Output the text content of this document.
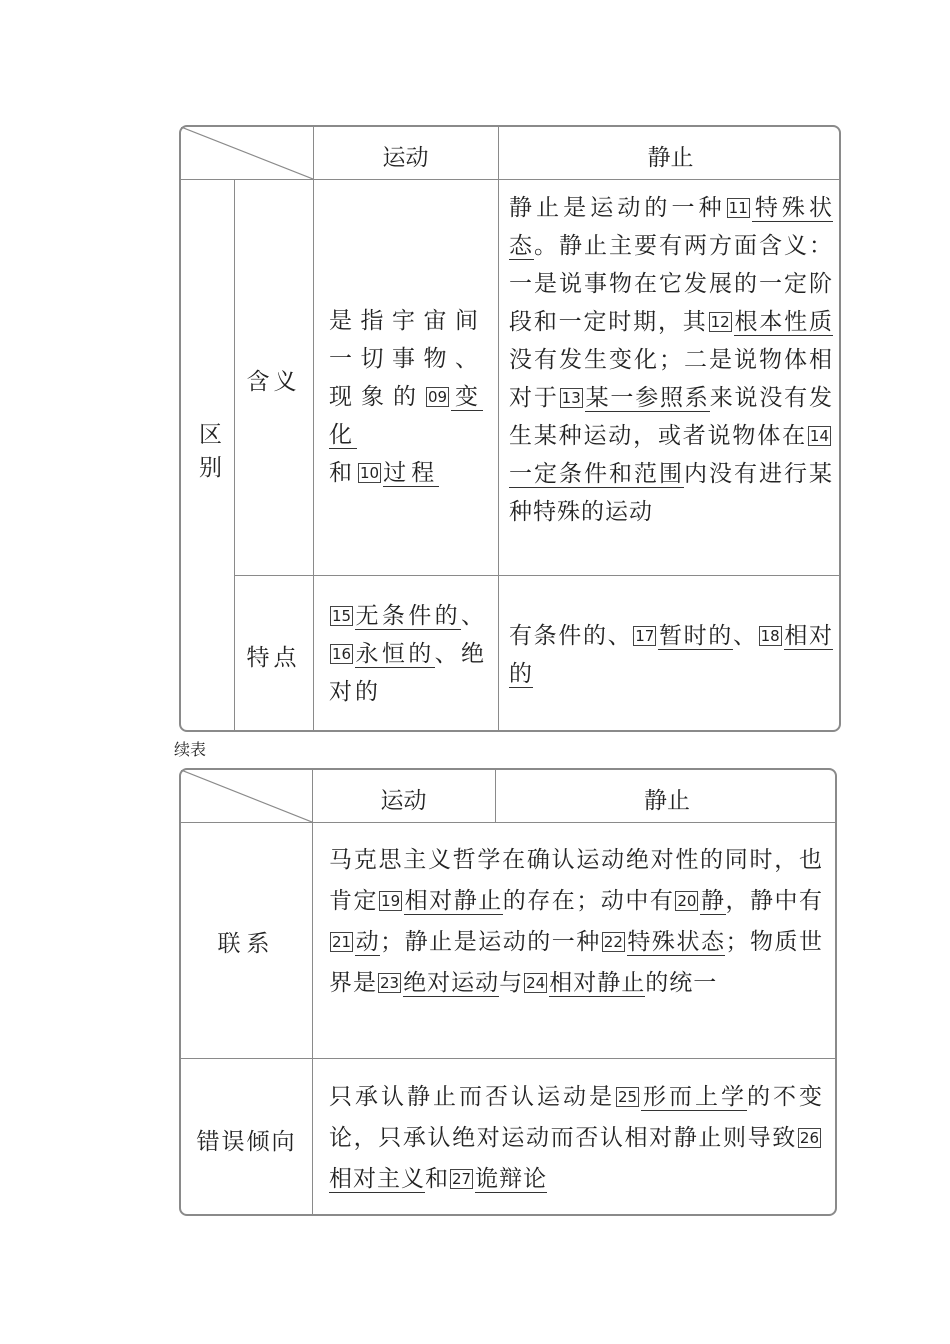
运动	静止
区别
含义
是指宇宙间一切事物、现象的 09 变化
和 10 过程
静止是运动的一种 11 特殊状态。静止主要有两方面含义：一是说事物在它发展的一定阶段和一定时期，其 12 根本性质没有发生变化；二是说物体相对于 13 某一参照系来说没有发生某种运动，或者说物体在 14一定条件和范围内没有进行某种特殊的运动
特点
15 无条件的、16 永恒的、绝对的
有条件的、 17 暂时的、 18 相对的
续表
运动	静止
联系
马克思主义哲学在确认运动绝对性的同时，也肯定 19 相对静止的存在；动中有 20 静，静中有21 动；静止是运动的一种 22 特殊状态；物质世界是 23 绝对运动与 24 相对静止的统一
错误倾向
只承认静止而否认运动是 25 形而上学的不变论，只承认绝对运动而否认相对静止则导致 26相对主义和 27 诡辩论
